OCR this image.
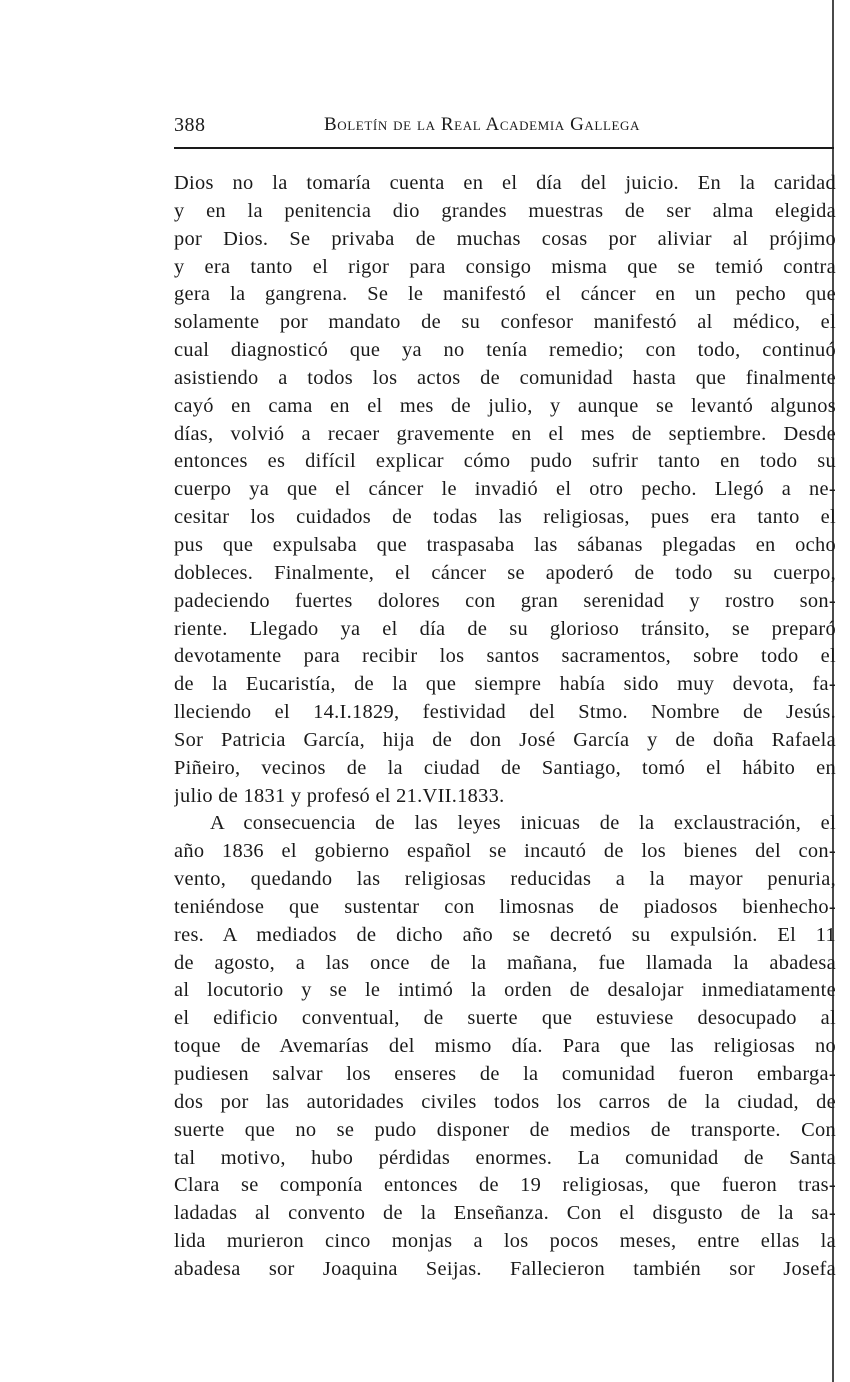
388	Boletín de la Real Academia Gallega
Dios no la tomaría cuenta en el día del juicio. En la caridad
y en la penitencia dio grandes muestras de ser alma elegida
por Dios. Se privaba de muchas cosas por aliviar al prójimo
y era tanto el rigor para consigo misma que se temió contra
gera la gangrena. Se le manifestó el cáncer en un pecho que
solamente por mandato de su confesor manifestó al médico, el
cual diagnosticó que ya no tenía remedio; con todo, continuó
asistiendo a todos los actos de comunidad hasta que finalmente
cayó en cama en el mes de julio, y aunque se levantó algunos
días, volvió a recaer gravemente en el mes de septiembre. Desde
entonces es difícil explicar cómo pudo sufrir tanto en todo su
cuerpo ya que el cáncer le invadió el otro pecho. Llegó a ne-
cesitar los cuidados de todas las religiosas, pues era tanto el
pus que expulsaba que traspasaba las sábanas plegadas en ocho
dobleces. Finalmente, el cáncer se apoderó de todo su cuerpo,
padeciendo fuertes dolores con gran serenidad y rostro son-
riente. Llegado ya el día de su glorioso tránsito, se preparó
devotamente para recibir los santos sacramentos, sobre todo el
de la Eucaristía, de la que siempre había sido muy devota, fa-
lleciendo el 14.I.1829, festividad del Stmo. Nombre de Jesús.
Sor Patricia García, hija de don José García y de doña Rafaela
Piñeiro, vecinos de la ciudad de Santiago, tomó el hábito en
julio de 1831 y profesó el 21.VII.1833.
A consecuencia de las leyes inicuas de la exclaustración, el
año 1836 el gobierno español se incautó de los bienes del con-
vento, quedando las religiosas reducidas a la mayor penuria,
teniéndose que sustentar con limosnas de piadosos bienhecho-
res. A mediados de dicho año se decretó su expulsión. El 11
de agosto, a las once de la mañana, fue llamada la abadesa
al locutorio y se le intimó la orden de desalojar inmediatamente
el edificio conventual, de suerte que estuviese desocupado al
toque de Avemarías del mismo día. Para que las religiosas no
pudiesen salvar los enseres de la comunidad fueron embarga-
dos por las autoridades civiles todos los carros de la ciudad, de
suerte que no se pudo disponer de medios de transporte. Con
tal motivo, hubo pérdidas enormes. La comunidad de Santa
Clara se componía entonces de 19 religiosas, que fueron tras-
ladadas al convento de la Enseñanza. Con el disgusto de la sa-
lida murieron cinco monjas a los pocos meses, entre ellas la
abadesa sor Joaquina Seijas. Fallecieron también sor Josefa
